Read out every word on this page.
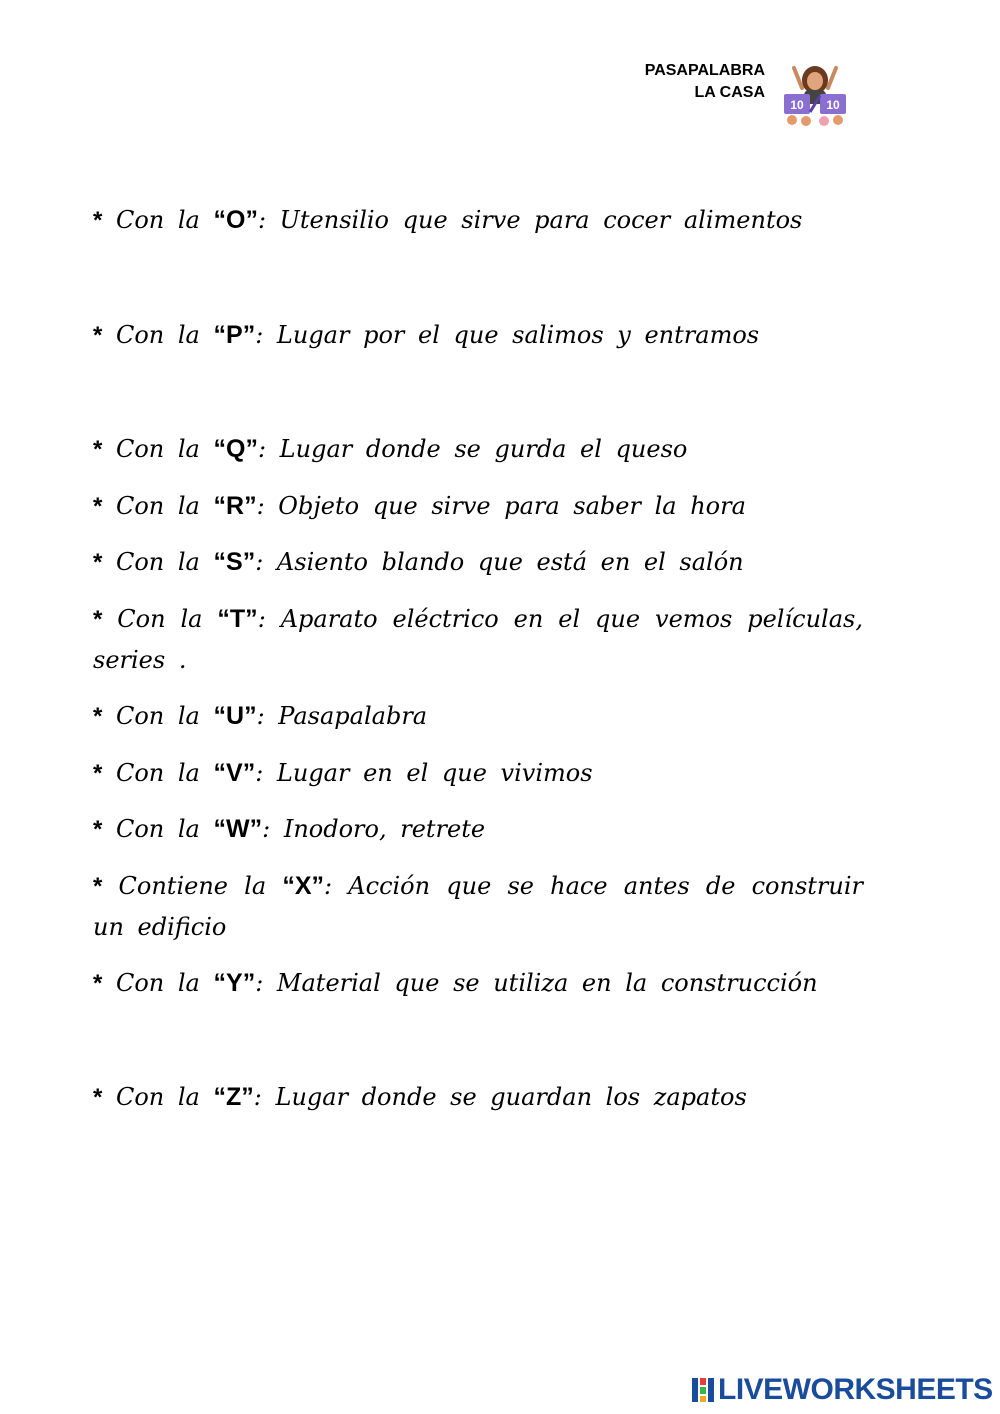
PASAPALABRA
LA CASA
10 10
* Con la “O”: Utensilio que sirve para cocer alimentos
* Con la “P”: Lugar por el que salimos y entramos
* Con la “Q”: Lugar donde se gurda el queso
* Con la “R”: Objeto que sirve para saber la hora
* Con la “S”: Asiento blando que está en el salón
* Con la “T”: Aparato eléctrico en el que vemos películas, series .
* Con la “U”: Pasapalabra
* Con la “V”: Lugar en el que vivimos
* Con la “W”: Inodoro, retrete
* Contiene la “X”: Acción que se hace antes de construir un edificio
* Con la “Y”: Material que se utiliza en la construcción
* Con la “Z”: Lugar donde se guardan los zapatos
LIVEWORKSHEETS
